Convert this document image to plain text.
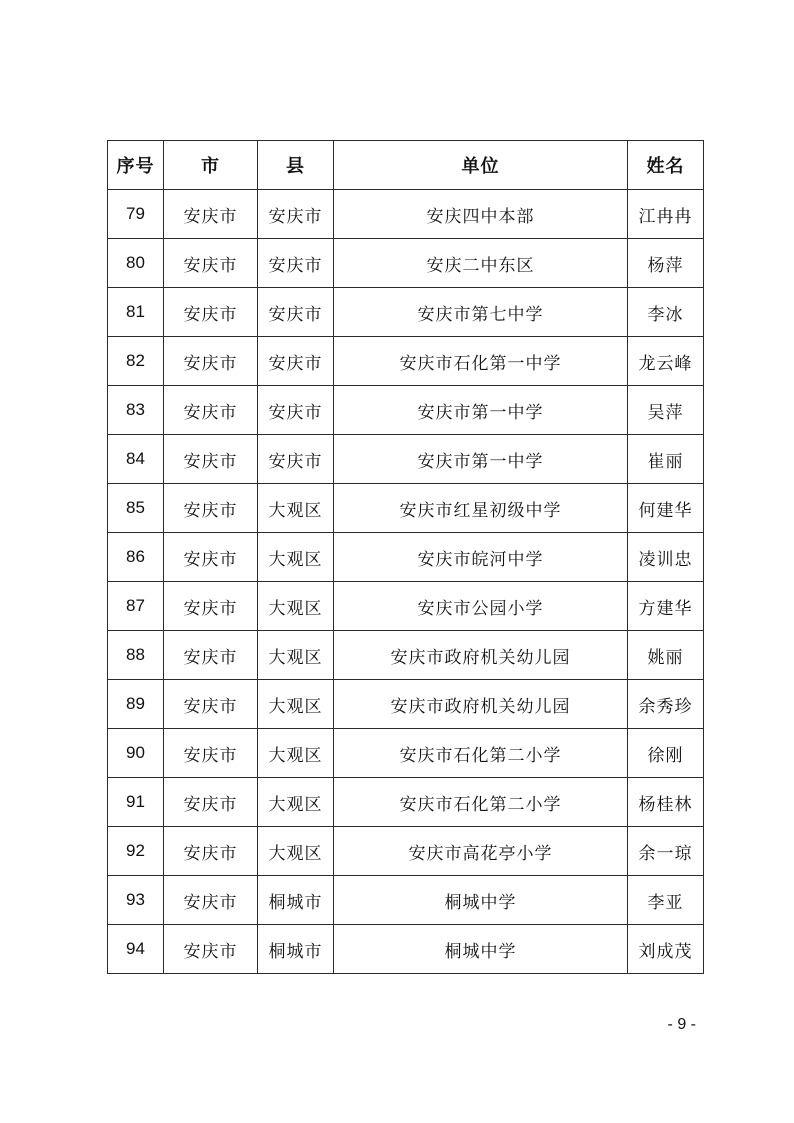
序号	市	县	单位	姓名
79	安庆市	安庆市	安庆四中本部	江冉冉
80	安庆市	安庆市	安庆二中东区	杨萍
81	安庆市	安庆市	安庆市第七中学	李冰
82	安庆市	安庆市	安庆市石化第一中学	龙云峰
83	安庆市	安庆市	安庆市第一中学	吴萍
84	安庆市	安庆市	安庆市第一中学	崔丽
85	安庆市	大观区	安庆市红星初级中学	何建华
86	安庆市	大观区	安庆市皖河中学	凌训忠
87	安庆市	大观区	安庆市公园小学	方建华
88	安庆市	大观区	安庆市政府机关幼儿园	姚丽
89	安庆市	大观区	安庆市政府机关幼儿园	余秀珍
90	安庆市	大观区	安庆市石化第二小学	徐刚
91	安庆市	大观区	安庆市石化第二小学	杨桂林
92	安庆市	大观区	安庆市高花亭小学	余一琼
93	安庆市	桐城市	桐城中学	李亚
94	安庆市	桐城市	桐城中学	刘成茂
- 9 -
